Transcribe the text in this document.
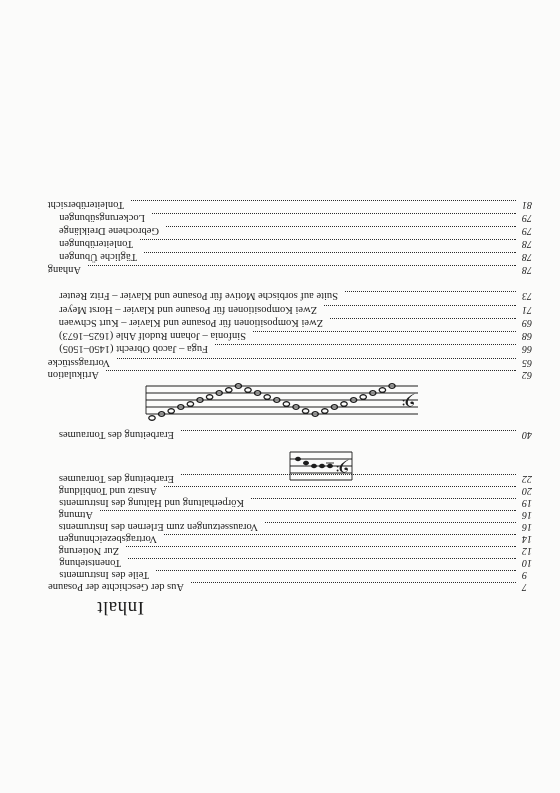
Inhalt
7
Aus der Geschichte der Posaune
9
Teile des Instruments
10
Tonentstehung
12
Zur Notierung
14
Vortragsbezeichnungen
16
Voraussetzungen zum Erlernen des Instruments
16
Atmung
19
Körperhaltung und Haltung des Instruments
20
Ansatz und Tonbildung
22
Erarbeitung des Tonraumes
40
Erarbeitung des Tonraumes
62
Artikulation
65
Vortragsstücke
66
Fuga – Jacob Obrecht (1450–1505)
68
Sinfonia – Johann Rudolf Ahle (1625–1673)
69
Zwei Kompositionen für Posaune und Klavier – Kurt Schwaen
71
Zwei Kompositionen für Posaune und Klavier – Horst Meyer
73
Suite auf sorbische Motive für Posaune und Klavier – Fritz Reuter
78
Anhang
78
Tägliche Übungen
78
Tonleiterübungen
79
Gebrochene Dreiklänge
79
Lockerungsübungen
81
Tonleiterübersicht
𝄢
𝄢
